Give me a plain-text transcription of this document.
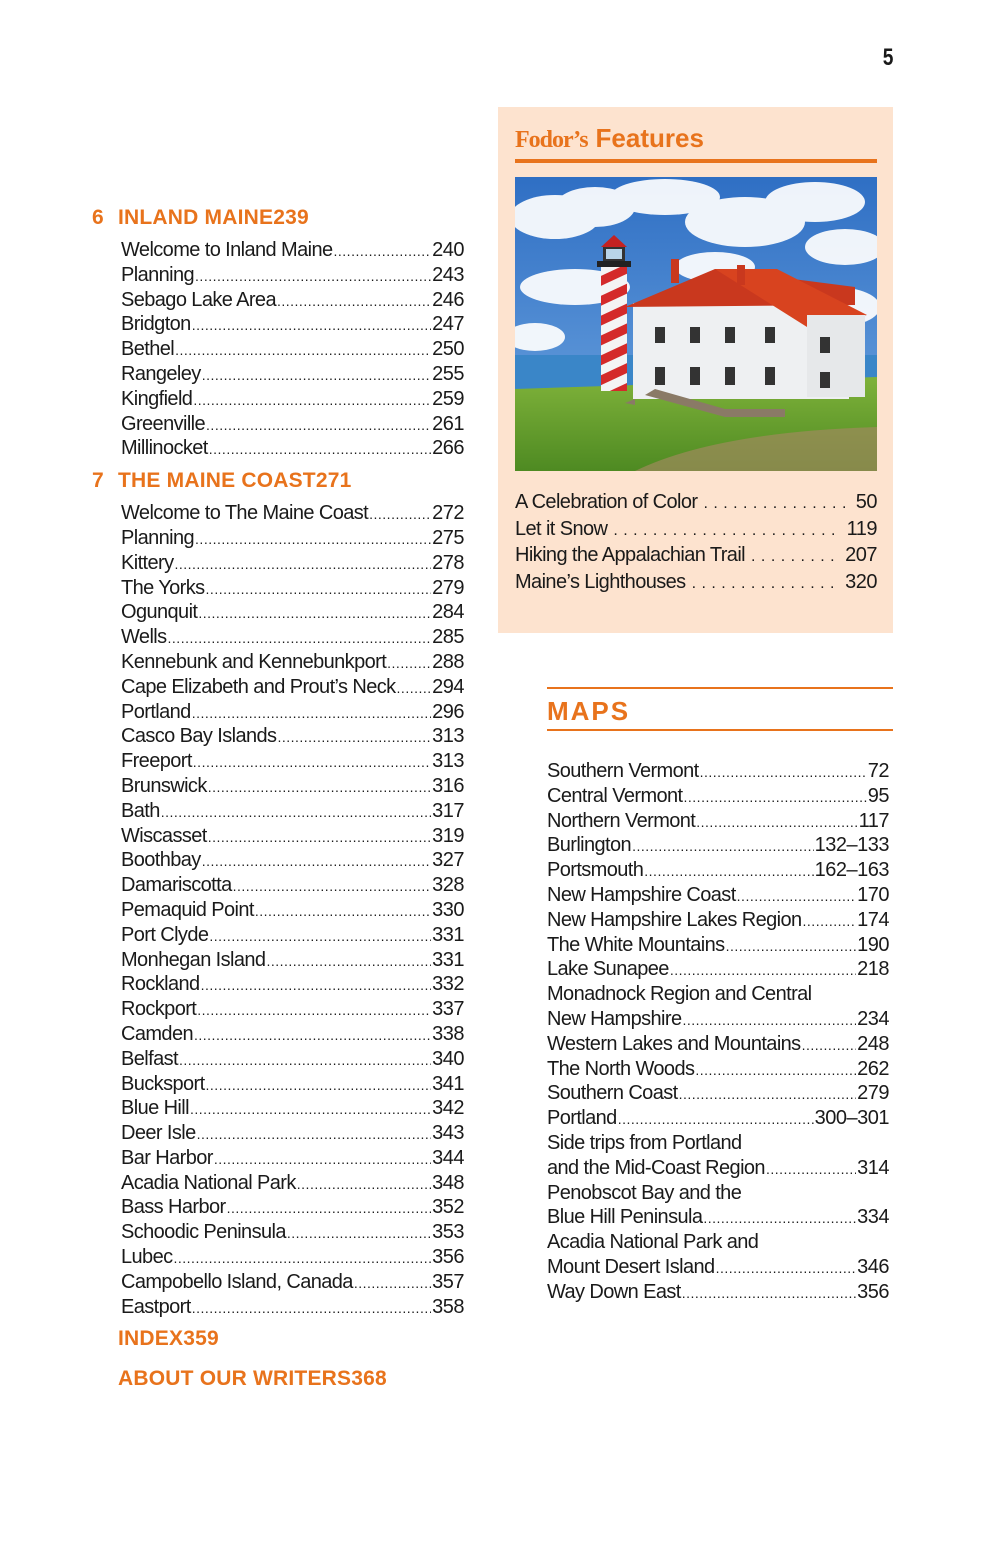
5
6 INLAND MAINE 239
Welcome to Inland Maine .....	240
Planning .....	243
Sebago Lake Area .....	246
Bridgton .....	247
Bethel .....	250
Rangeley .....	255
Kingfield .....	259
Greenville .....	261
Millinocket .....	266
7 THE MAINE COAST 271
Welcome to The Maine Coast .....	272
Planning .....	275
Kittery .....	278
The Yorks .....	279
Ogunquit .....	284
Wells .....	285
Kennebunk and Kennebunkport ..... 288
Cape Elizabeth and Prout’s Neck ..... 294
Portland .....	296
Casco Bay Islands .....	313
Freeport .....	313
Brunswick .....	316
Bath .....	317
Wiscasset .....	319
Boothbay .....	327
Damariscotta .....	328
Pemaquid Point .....	330
Port Clyde .....	331
Monhegan Island .....	331
Rockland .....	332
Rockport .....	337
Camden .....	338
Belfast .....	340
Bucksport .....	341
Blue Hill .....	342
Deer Isle .....	343
Bar Harbor .....	344
Acadia National Park .....	348
Bass Harbor .....	352
Schoodic Peninsula .....	353
Lubec .....	356
Campobello Island, Canada .....	357
Eastport .....	358
INDEX 359
ABOUT OUR WRITERS 368
Fodor’s Features
A Celebration of Color . . .	50
Let it Snow . . .	119
Hiking the Appalachian Trail . . .	207
Maine’s Lighthouses . . .	320
MAPS
Southern Vermont .....	72
Central Vermont .....	95
Northern Vermont .....	117
Burlington .....	132–133
Portsmouth .....	162–163
New Hampshire Coast .....	170
New Hampshire Lakes Region .....	174
The White Mountains .....	190
Lake Sunapee .....	218
Monadnock Region and Central
New Hampshire .....	234
Western Lakes and Mountains .....	248
The North Woods .....	262
Southern Coast .....	279
Portland .....	300–301
Side trips from Portland
and the Mid-Coast Region .....	314
Penobscot Bay and the
Blue Hill Peninsula .....	334
Acadia National Park and
Mount Desert Island .....	346
Way Down East .....	356
